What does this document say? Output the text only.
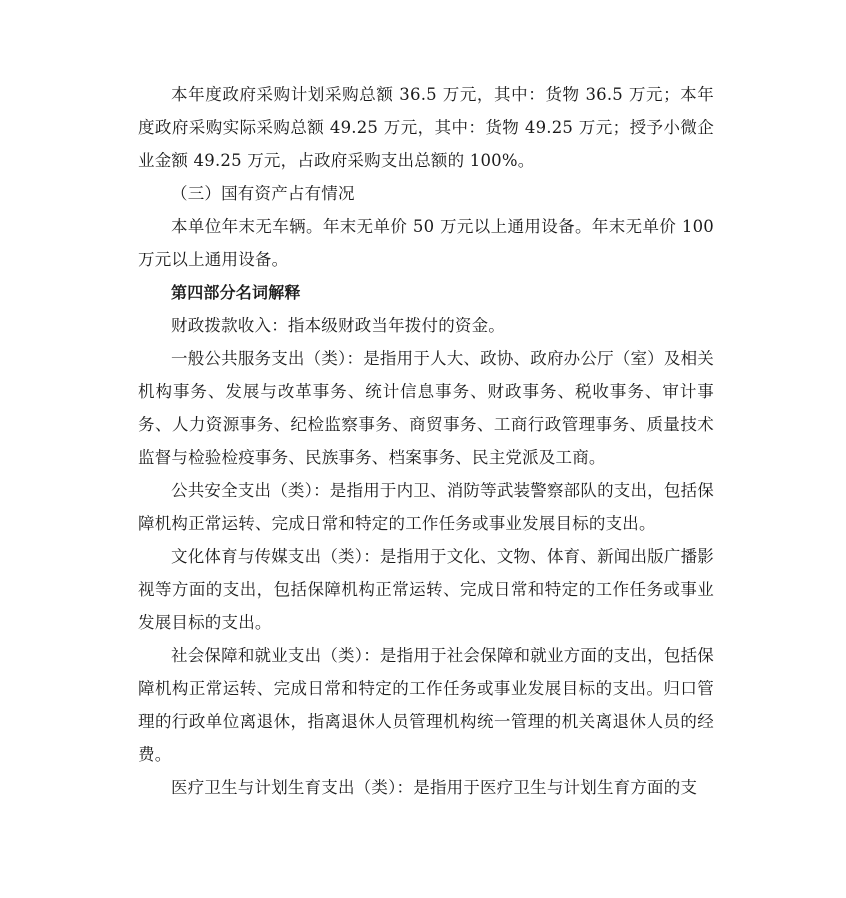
本年度政府采购计划采购总额 36.5 万元，其中：货物 36.5 万元；本年度政府采购实际采购总额 49.25 万元，其中：货物 49.25 万元；授予小微企业金额 49.25 万元，占政府采购支出总额的 100%。

（三）国有资产占有情况

本单位年末无车辆。年末无单价 50 万元以上通用设备。年末无单价 100 万元以上通用设备。

第四部分名词解释

财政拨款收入：指本级财政当年拨付的资金。

一般公共服务支出（类）：是指用于人大、政协、政府办公厅（室）及相关机构事务、发展与改革事务、统计信息事务、财政事务、税收事务、审计事务、人力资源事务、纪检监察事务、商贸事务、工商行政管理事务、质量技术监督与检验检疫事务、民族事务、档案事务、民主党派及工商。

公共安全支出（类）：是指用于内卫、消防等武装警察部队的支出，包括保障机构正常运转、完成日常和特定的工作任务或事业发展目标的支出。

文化体育与传媒支出（类）：是指用于文化、文物、体育、新闻出版广播影视等方面的支出，包括保障机构正常运转、完成日常和特定的工作任务或事业发展目标的支出。

社会保障和就业支出（类）：是指用于社会保障和就业方面的支出，包括保障机构正常运转、完成日常和特定的工作任务或事业发展目标的支出。归口管理的行政单位离退休，指离退休人员管理机构统一管理的机关离退休人员的经费。

医疗卫生与计划生育支出（类）：是指用于医疗卫生与计划生育方面的支
